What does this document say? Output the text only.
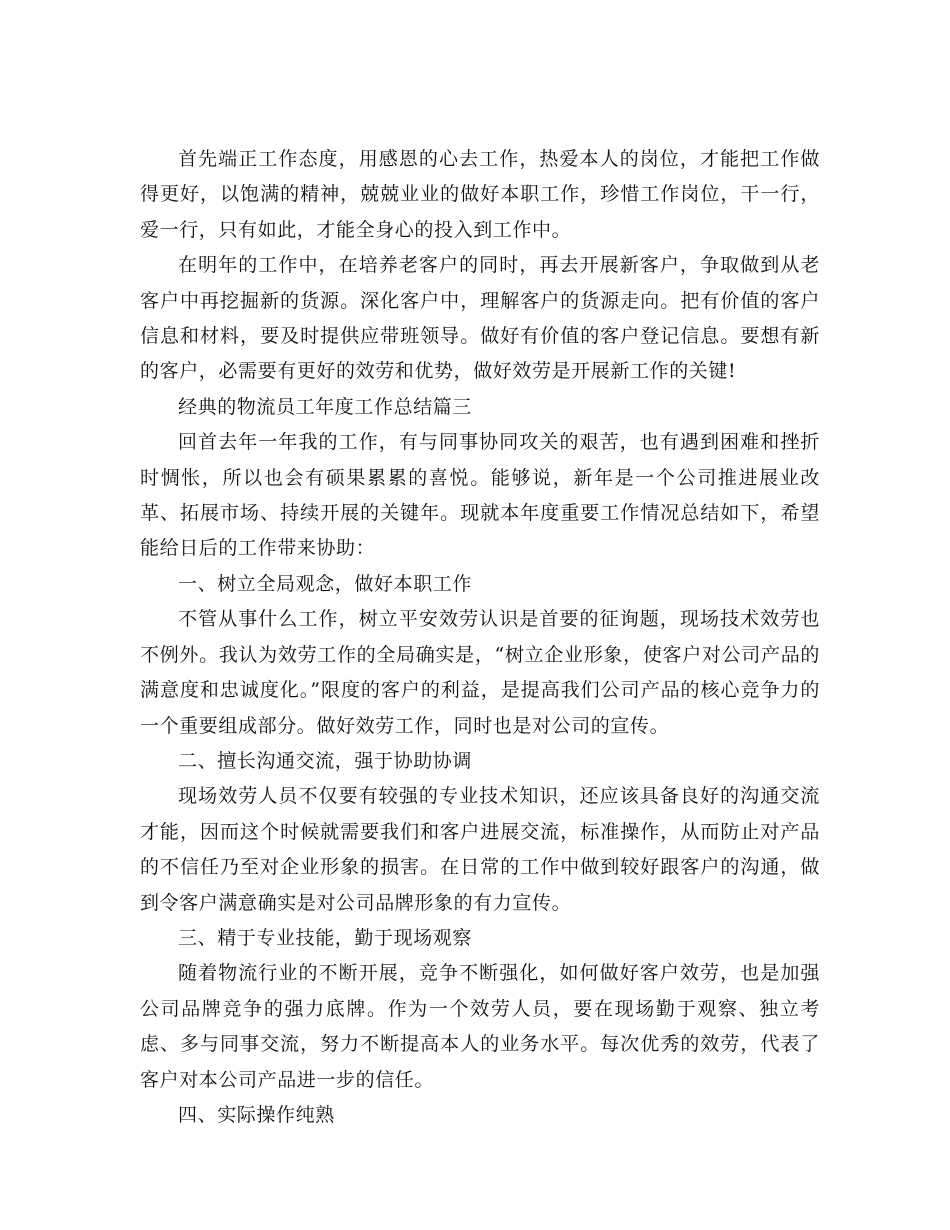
首先端正工作态度，用感恩的心去工作，热爱本人的岗位，才能把工作做得更好，以饱满的精神，兢兢业业的做好本职工作，珍惜工作岗位，干一行，爱一行，只有如此，才能全身心的投入到工作中。

在明年的工作中，在培养老客户的同时，再去开展新客户，争取做到从老客户中再挖掘新的货源。深化客户中，理解客户的货源走向。把有价值的客户信息和材料，要及时提供应带班领导。做好有价值的客户登记信息。要想有新的客户，必需要有更好的效劳和优势，做好效劳是开展新工作的关键!

经典的物流员工年度工作总结篇三

回首去年一年我的工作，有与同事协同攻关的艰苦，也有遇到困难和挫折时惆怅，所以也会有硕果累累的喜悦。能够说，新年是一个公司推进展业改革、拓展市场、持续开展的关键年。现就本年度重要工作情况总结如下，希望能给日后的工作带来协助：

一、树立全局观念，做好本职工作

不管从事什么工作，树立平安效劳认识是首要的征询题，现场技术效劳也不例外。我认为效劳工作的全局确实是，“树立企业形象，使客户对公司产品的满意度和忠诚度化。”限度的客户的利益，是提高我们公司产品的核心竞争力的一个重要组成部分。做好效劳工作，同时也是对公司的宣传。

二、擅长沟通交流，强于协助协调

现场效劳人员不仅要有较强的专业技术知识，还应该具备良好的沟通交流才能，因而这个时候就需要我们和客户进展交流，标准操作，从而防止对产品的不信任乃至对企业形象的损害。在日常的工作中做到较好跟客户的沟通，做到令客户满意确实是对公司品牌形象的有力宣传。

三、精于专业技能，勤于现场观察

随着物流行业的不断开展，竞争不断强化，如何做好客户效劳，也是加强公司品牌竞争的强力底牌。作为一个效劳人员，要在现场勤于观察、独立考虑、多与同事交流，努力不断提高本人的业务水平。每次优秀的效劳，代表了客户对本公司产品进一步的信任。

四、实际操作纯熟
